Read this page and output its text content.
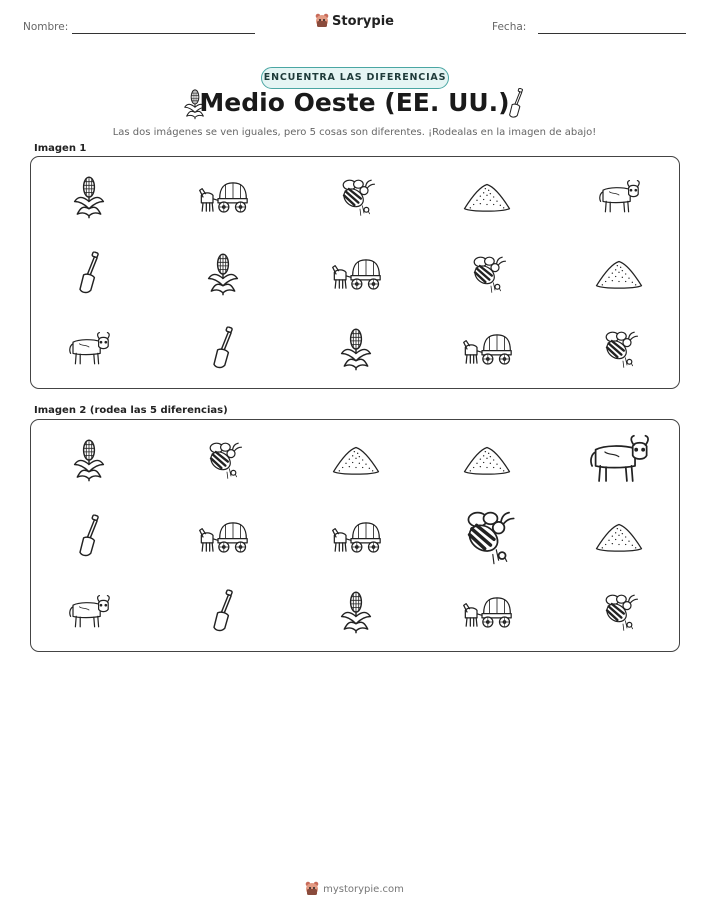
Nombre:	Storypie	Fecha:
ENCUENTRA LAS DIFERENCIAS
Medio Oeste (EE. UU.)
Las dos imágenes se ven iguales, pero 5 cosas son diferentes. ¡Rodealas en la imagen de abajo!
Imagen 1
Imagen 2 (rodea las 5 diferencias)
mystorypie.com
